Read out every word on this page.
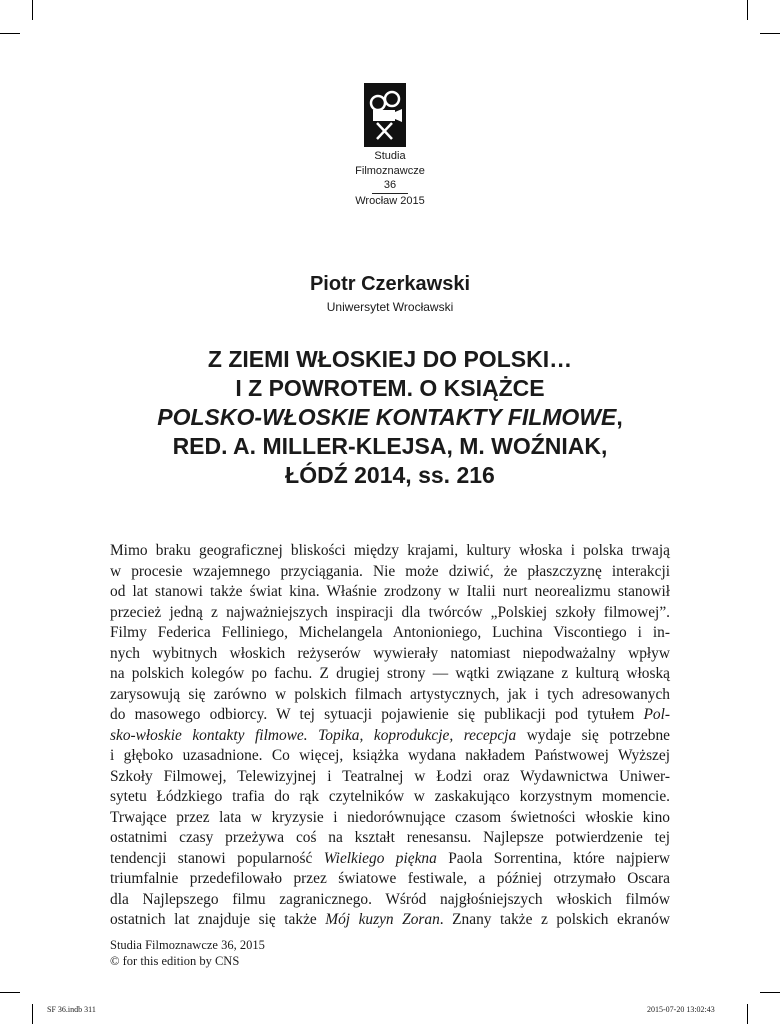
Studia
Filmoznawcze
36
Wrocław 2015
Piotr Czerkawski
Uniwersytet Wrocławski
Z ZIEMI WŁOSKIEJ DO POLSKI…
I Z POWROTEM. O KSIĄŻCE
POLSKO-WŁOSKIE KONTAKTY FILMOWE,
RED. A. MILLER-KLEJSA, M. WOŹNIAK,
ŁÓDŹ 2014, ss. 216
Mimo braku geograficznej bliskości między krajami, kultury włoska i polska trwają
w procesie wzajemnego przyciągania. Nie może dziwić, że płaszczyznę interakcji
od lat stanowi także świat kina. Właśnie zrodzony w Italii nurt neorealizmu stanowił
przecież jedną z najważniejszych inspiracji dla twórców „Polskiej szkoły filmowej”.
Filmy Federica Felliniego, Michelangela Antonioniego, Luchina Viscontiego i in-
nych wybitnych włoskich reżyserów wywierały natomiast niepodważalny wpływ
na polskich kolegów po fachu. Z drugiej strony — wątki związane z kulturą włoską
zarysowują się zarówno w polskich filmach artystycznych, jak i tych adresowanych
do masowego odbiorcy. W tej sytuacji pojawienie się publikacji pod tytułem Pol-
sko-włoskie kontakty filmowe. Topika, koprodukcje, recepcja wydaje się potrzebne
i głęboko uzasadnione. Co więcej, książka wydana nakładem Państwowej Wyższej
Szkoły Filmowej, Telewizyjnej i Teatralnej w Łodzi oraz Wydawnictwa Uniwer-
sytetu Łódzkiego trafia do rąk czytelników w zaskakująco korzystnym momencie.
Trwające przez lata w kryzysie i niedorównujące czasom świetności włoskie kino
ostatnimi czasy przeżywa coś na kształt renesansu. Najlepsze potwierdzenie tej
tendencji stanowi popularność Wielkiego piękna Paola Sorrentina, które najpierw
triumfalnie przedefilowało przez światowe festiwale, a później otrzymało Oscara
dla Najlepszego filmu zagranicznego. Wśród najgłośniejszych włoskich filmów
ostatnich lat znajduje się także Mój kuzyn Zoran. Znany także z polskich ekranów
Studia Filmoznawcze 36, 2015
© for this edition by CNS
SF 36.indb 311	2015-07-20 13:02:43
